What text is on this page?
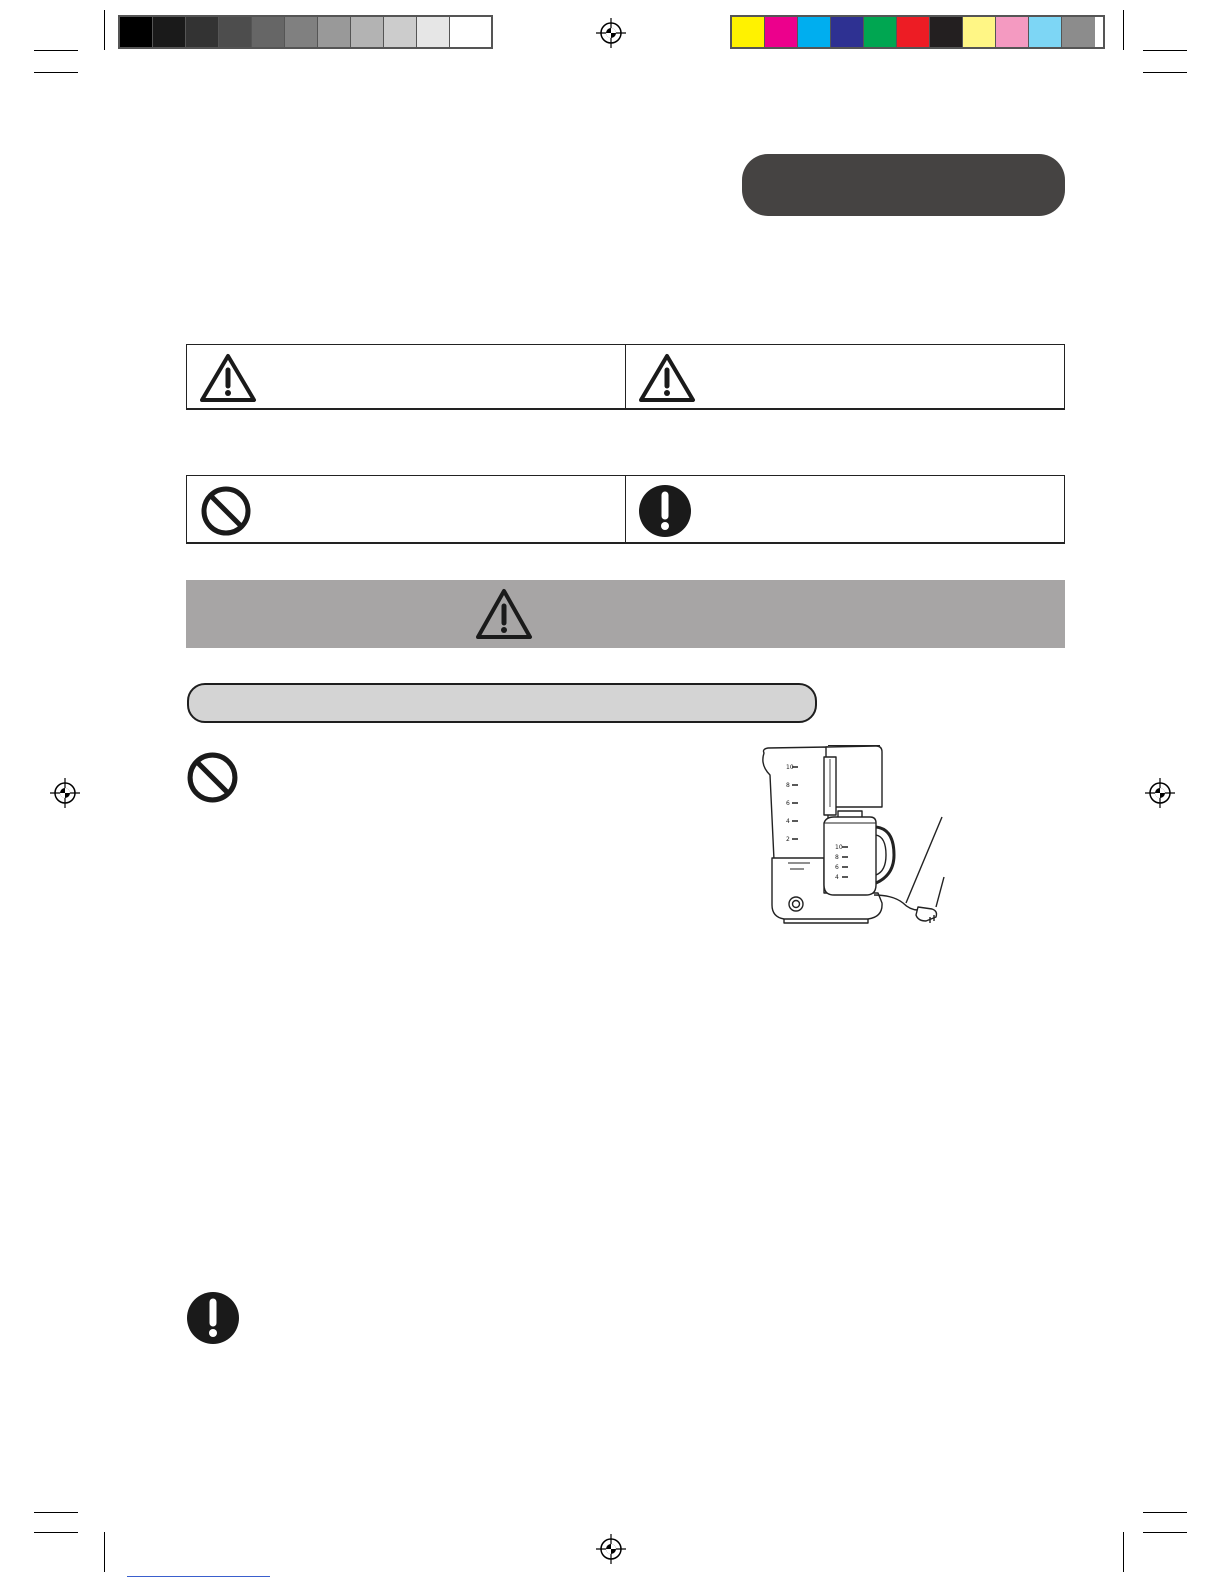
10
8
6
4
2
10
8
6
4
